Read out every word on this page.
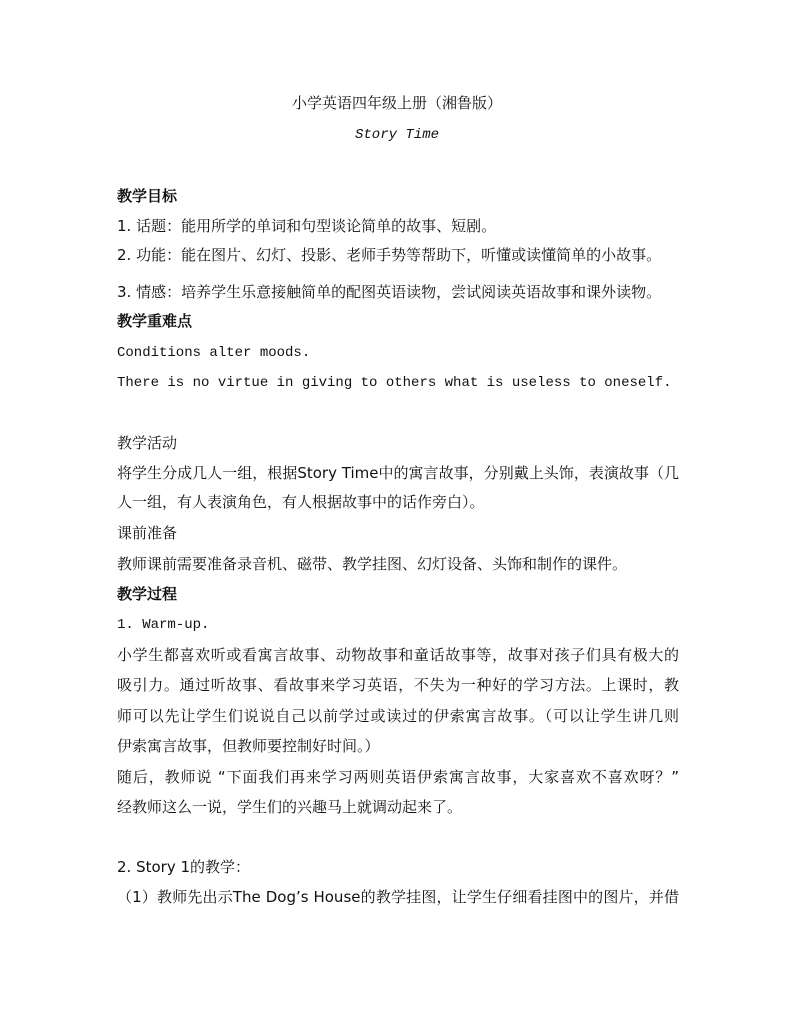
小学英语四年级上册（湘鲁版）
Story Time
教学目标
1. 话题：能用所学的单词和句型谈论简单的故事、短剧。
2. 功能：能在图片、幻灯、投影、老师手势等帮助下，听懂或读懂简单的小故事。
3. 情感：培养学生乐意接触简单的配图英语读物，尝试阅读英语故事和课外读物。
教学重难点
Conditions alter moods.
There is no virtue in giving to others what is useless to oneself.
教学活动
将学生分成几人一组，根据Story Time中的寓言故事，分别戴上头饰，表演故事（几
人一组，有人表演角色，有人根据故事中的话作旁白）。
课前准备
教师课前需要准备录音机、磁带、教学挂图、幻灯设备、头饰和制作的课件。
教学过程
1. Warm-up.
小学生都喜欢听或看寓言故事、动物故事和童话故事等，故事对孩子们具有极大的
吸引力。通过听故事、看故事来学习英语，不失为一种好的学习方法。上课时，教
师可以先让学生们说说自己以前学过或读过的伊索寓言故事。（可以让学生讲几则
伊索寓言故事，但教师要控制好时间。）
随后，教师说 “下面我们再来学习两则英语伊索寓言故事，大家喜欢不喜欢呀？”
经教师这么一说，学生们的兴趣马上就调动起来了。
2. Story 1的教学：
（1）教师先出示The Dog’s House的教学挂图，让学生仔细看挂图中的图片，并借
